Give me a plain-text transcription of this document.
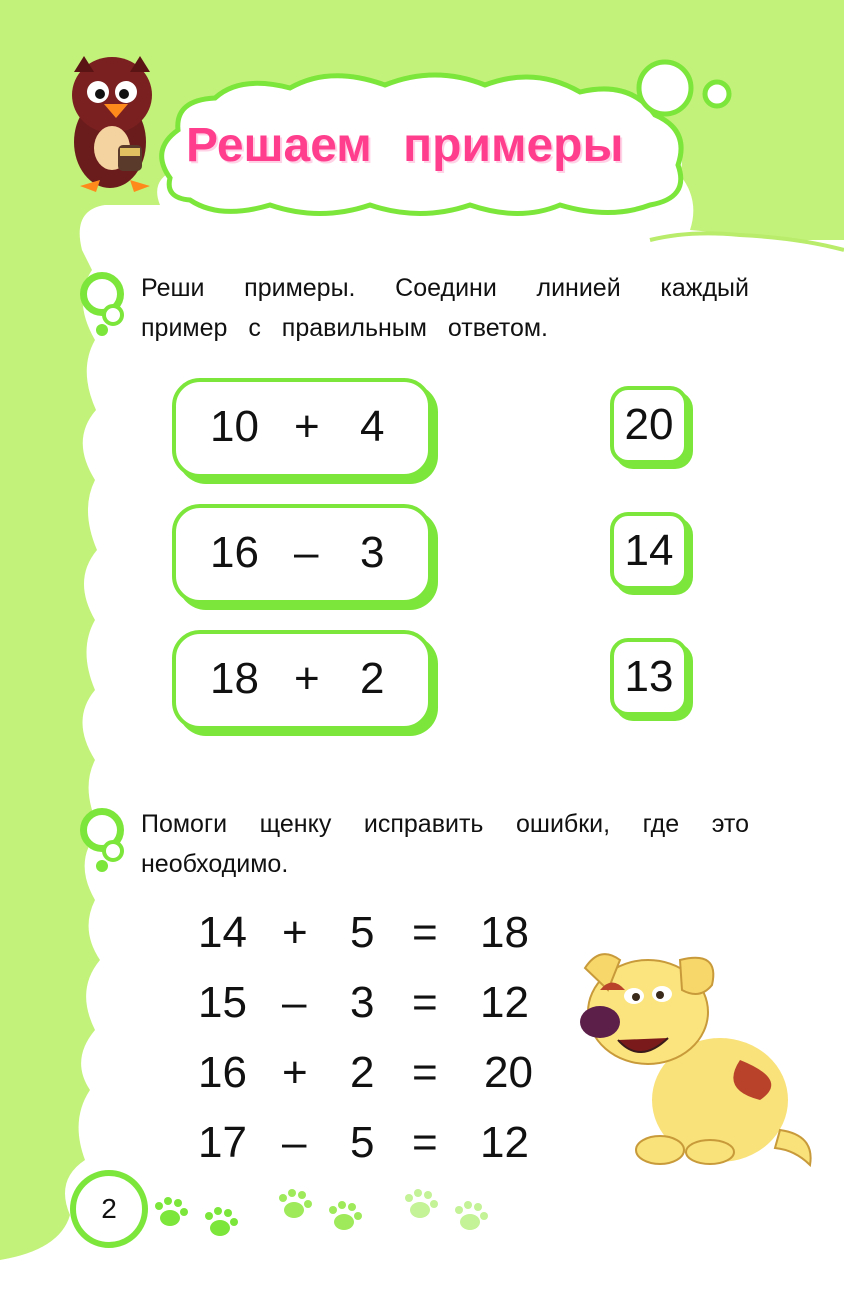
Решаем примеры
Реши примеры. Соедини линией каждый
пример с правильным ответом.
10 + 4
16 – 3
18 + 2
20
14
13
Помоги щенку исправить ошибки, где это
необходимо.
14 + 5 = 18
15 – 3 = 12
16 + 2 = 20
17 – 5 = 12
2
